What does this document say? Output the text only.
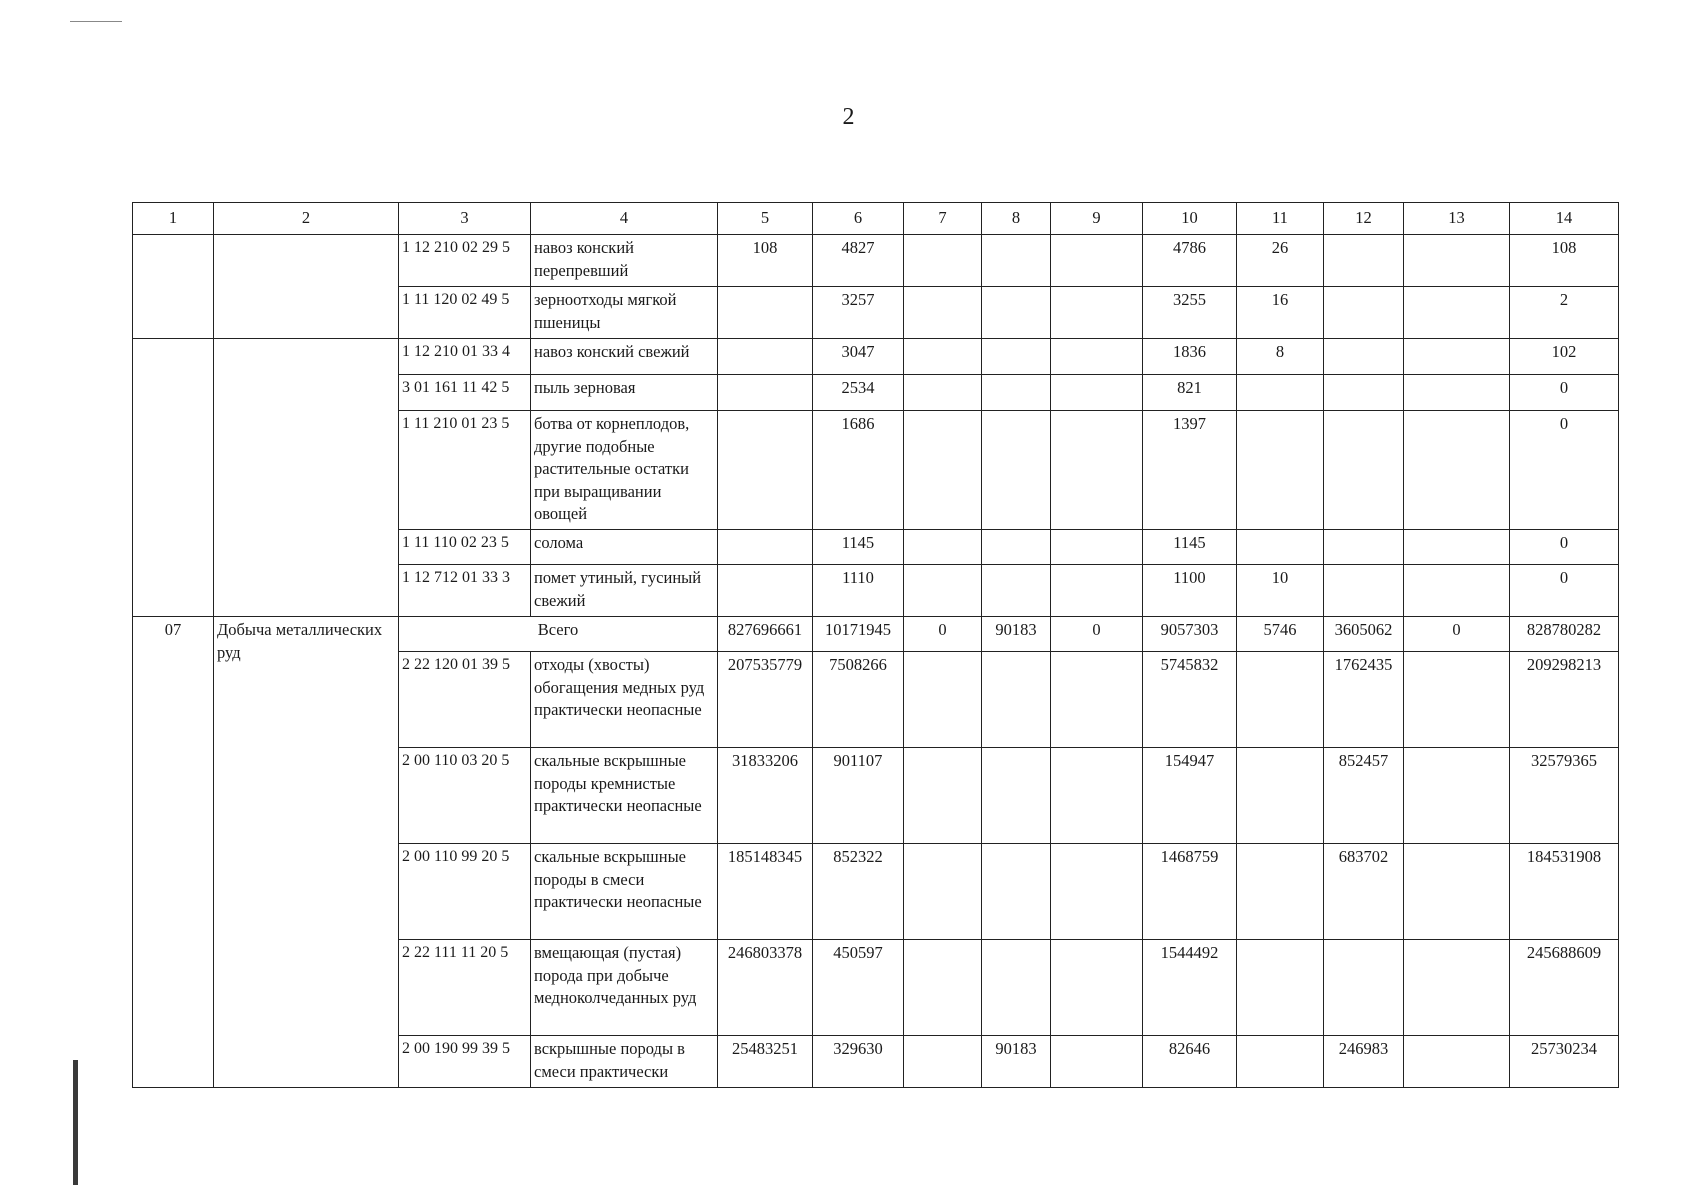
2
1	2	3	4	5	6	7	8	9	10	11	12	13	14
		1 12 210 02 29 5	навоз конский перепревший	108	4827				4786	26			108
		1 11 120 02 49 5	зерноотходы мягкой пшеницы		3257				3255	16			2
		1 12 210 01 33 4	навоз конский свежий		3047				1836	8			102
		3 01 161 11 42 5	пыль зерновая		2534				821				0
		1 11 210 01 23 5	ботва от корнеплодов, другие подобные растительные остатки при выращивании овощей		1686				1397				0
		1 11 110 02 23 5	солома		1145				1145				0
		1 12 712 01 33 3	помет утиный, гусиный свежий		1110				1100	10			0
07	Добыча металлических руд	Всего		827696661	10171945	0	90183	0	9057303	5746	3605062	0	828780282
		2 22 120 01 39 5	отходы (хвосты) обогащения медных руд практически неопасные	207535779	7508266				5745832		1762435		209298213
		2 00 110 03 20 5	скальные вскрышные породы кремнистые практически неопасные	31833206	901107				154947		852457		32579365
		2 00 110 99 20 5	скальные вскрышные породы в смеси практически неопасные	185148345	852322				1468759		683702		184531908
		2 22 111 11 20 5	вмещающая (пустая) порода при добыче медноколчеданных руд	246803378	450597				1544492				245688609
		2 00 190 99 39 5	вскрышные породы в смеси практически	25483251	329630		90183		82646		246983		25730234
